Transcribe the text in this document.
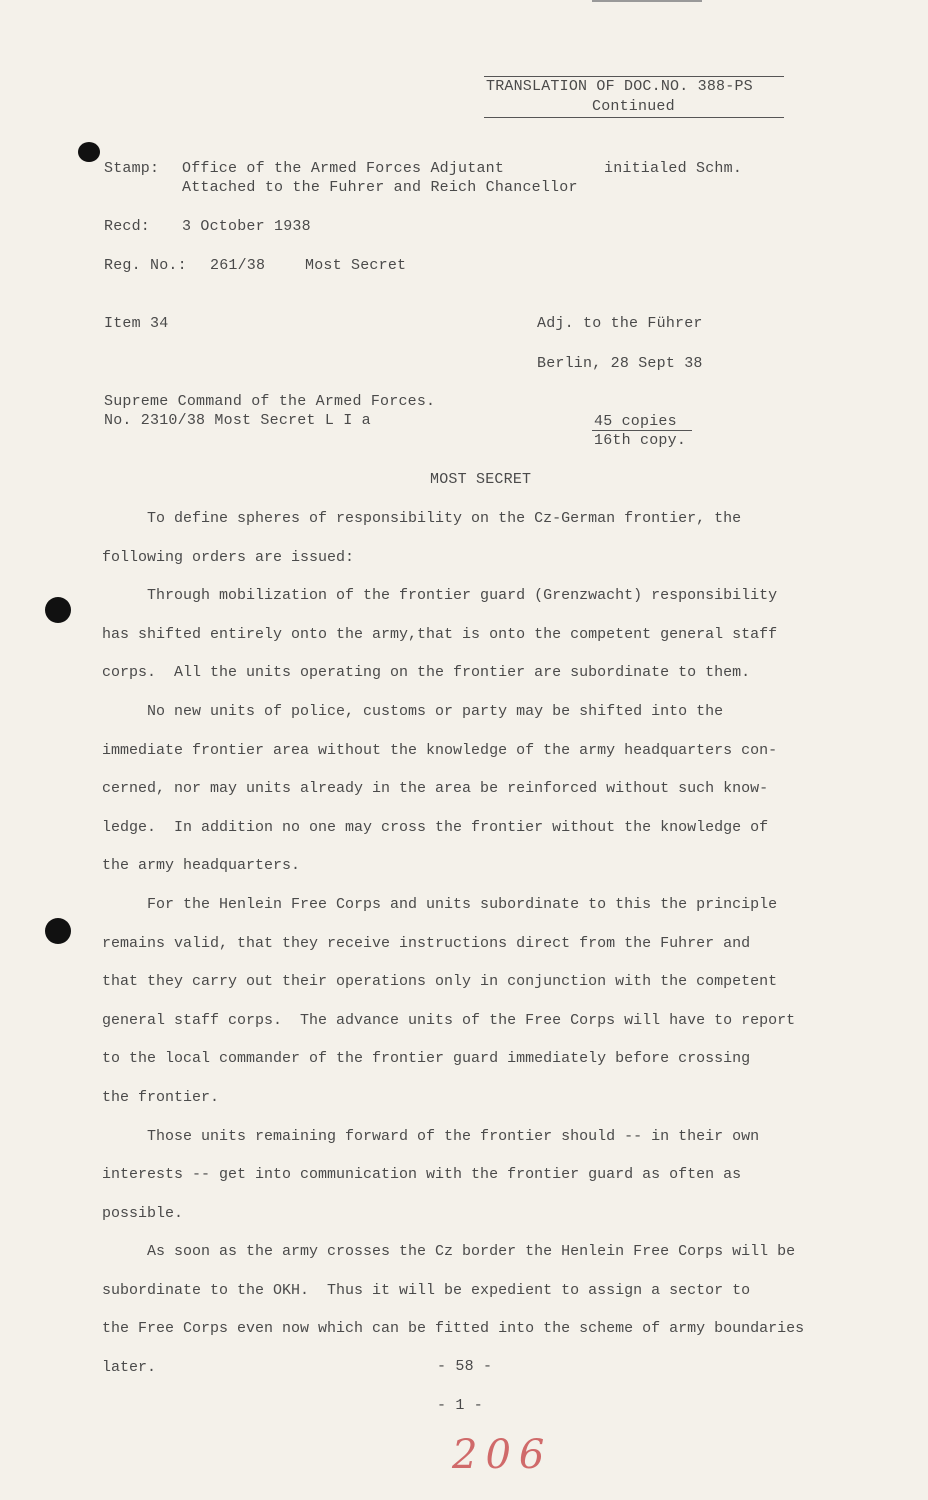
TRANSLATION OF DOC.NO. 388-PS
Continued
Stamp: Office of the Armed Forces Adjutant	initialed Schm.
Attached to the Fuhrer and Reich Chancellor
Recd: 3 October 1938
Reg. No.: 261/38	Most Secret
Item 34	Adj. to the Führer
Berlin, 28 Sept 38
Supreme Command of the Armed Forces.
No. 2310/38 Most Secret L I a	45 copies
16th copy.
MOST SECRET
To define spheres of responsibility on the Cz-German frontier, the
following orders are issued:
Through mobilization of the frontier guard (Grenzwacht) responsibility
has shifted entirely onto the army,that is onto the competent general staff
corps.  All the units operating on the frontier are subordinate to them.
No new units of police, customs or party may be shifted into the
immediate frontier area without the knowledge of the army headquarters con-
cerned, nor may units already in the area be reinforced without such know-
ledge.  In addition no one may cross the frontier without the knowledge of
the army headquarters.
For the Henlein Free Corps and units subordinate to this the principle
remains valid, that they receive instructions direct from the Fuhrer and
that they carry out their operations only in conjunction with the competent
general staff corps.  The advance units of the Free Corps will have to report
to the local commander of the frontier guard immediately before crossing
the frontier.
Those units remaining forward of the frontier should -- in their own
interests -- get into communication with the frontier guard as often as
possible.
As soon as the army crosses the Cz border the Henlein Free Corps will be
subordinate to the OKH.  Thus it will be expedient to assign a sector to
the Free Corps even now which can be fitted into the scheme of army boundaries
later.	- 58 -
- 1 -
206
